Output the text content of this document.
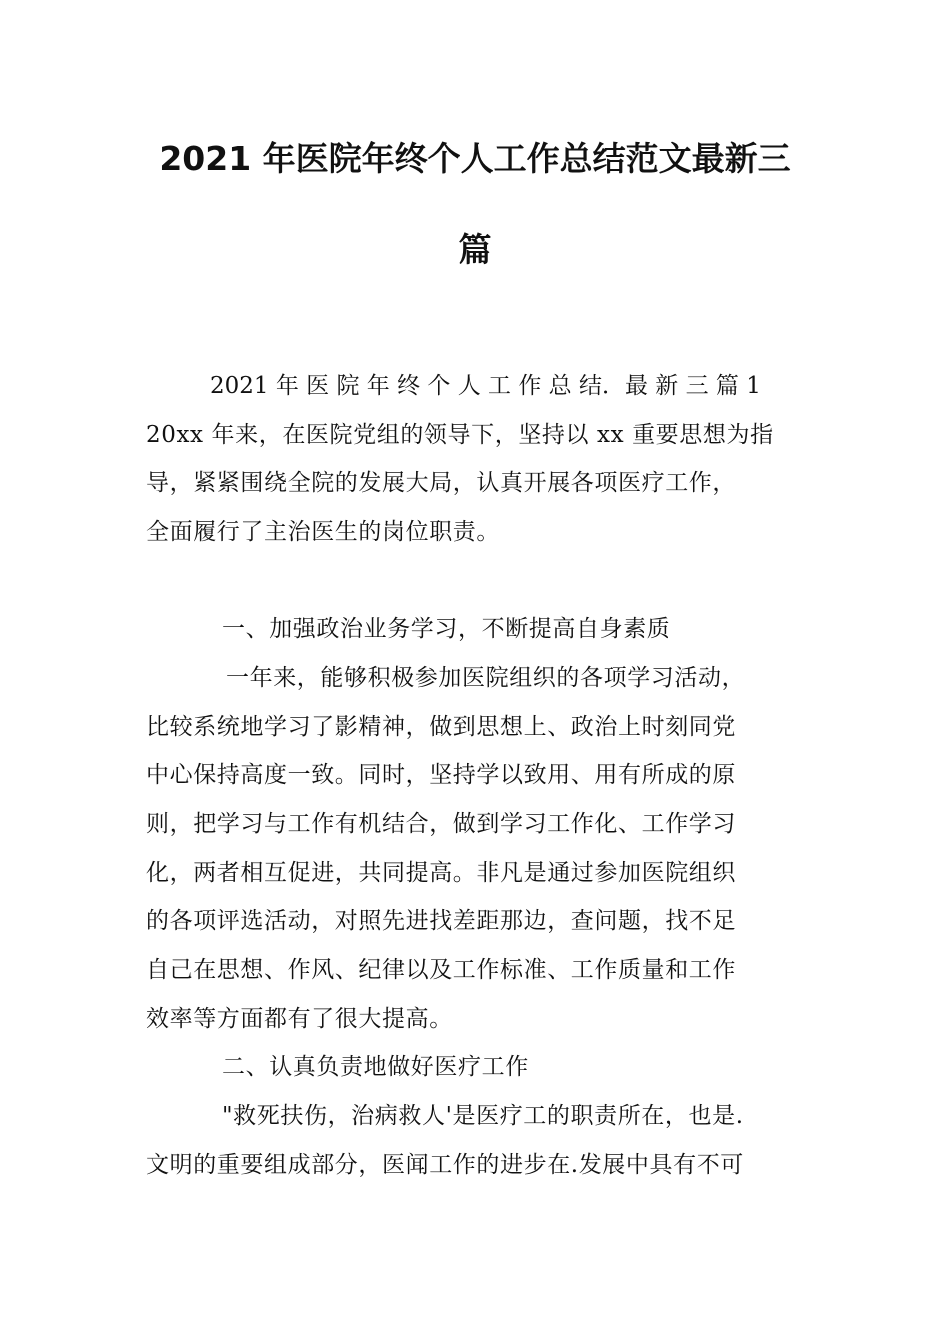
2021 年医院年终个人工作总结范文最新三
篇
2021 年 医 院 年 终 个 人 工 作 总 结．最 新 三 篇 1
20xx 年来，在医院党组的领导下，坚持以 xx 重要思想为指
导，紧紧围绕全院的发展大局，认真开展各项医疗工作，
全面履行了主治医生的岗位职责。
一、加强政治业务学习，不断提高自身素质
一年来，能够积极参加医院组织的各项学习活动，
比较系统地学习了影精神，做到思想上、政治上时刻同党
中心保持高度一致。同时，坚持学以致用、用有所成的原
则，把学习与工作有机结合，做到学习工作化、工作学习
化，两者相互促进，共同提高。非凡是通过参加医院组织
的各项评选活动，对照先进找差距那边，查问题，找不足
自己在思想、作风、纪律以及工作标准、工作质量和工作
效率等方面都有了很大提高。
二、认真负责地做好医疗工作
"救死扶伤，治病救人'是医疗工的职责所在，也是.
文明的重要组成部分，医闻工作的进步在.发展中具有不可
